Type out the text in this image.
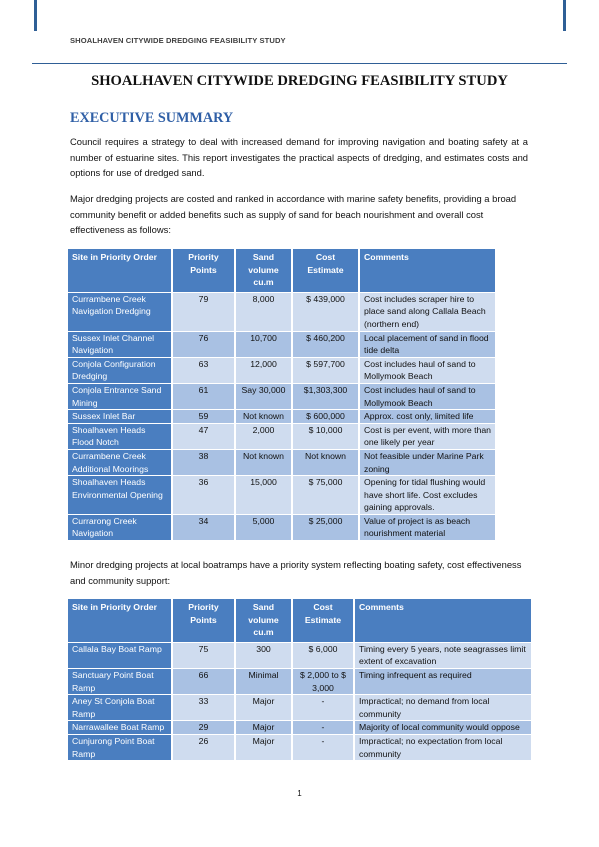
SHOALHAVEN CITYWIDE DREDGING FEASIBILITY STUDY
SHOALHAVEN CITYWIDE DREDGING FEASIBILITY STUDY
EXECUTIVE SUMMARY
Council requires a strategy to deal with increased demand for improving navigation and boating safety at a number of estuarine sites. This report investigates the practical aspects of dredging, and estimates costs and options for use of dredged sand.
Major dredging projects are costed and ranked in accordance with marine safety benefits, providing a broad community benefit or added benefits such as supply of sand for beach nourishment and overall cost effectiveness as follows:
Site in Priority Order	Priority Points	Sand volume cu.m	Cost Estimate	Comments
Currambene Creek Navigation Dredging	79	8,000	$ 439,000	Cost includes scraper hire to place sand along Callala Beach (northern end)
Sussex Inlet Channel Navigation	76	10,700	$ 460,200	Local placement of sand in flood tide delta
Conjola Configuration Dredging	63	12,000	$ 597,700	Cost includes haul of sand to Mollymook Beach
Conjola Entrance Sand Mining	61	Say 30,000	$1,303,300	Cost includes haul of sand to Mollymook Beach
Sussex Inlet Bar	59	Not known	$ 600,000	Approx. cost only, limited life
Shoalhaven Heads Flood Notch	47	2,000	$ 10,000	Cost is per event, with more than one likely per year
Currambene Creek Additional Moorings	38	Not known	Not known	Not feasible under Marine Park zoning
Shoalhaven Heads Environmental Opening	36	15,000	$ 75,000	Opening for tidal flushing would have short life. Cost excludes gaining approvals.
Currarong Creek Navigation	34	5,000	$ 25,000	Value of project is as beach nourishment material
Minor dredging projects at local boatramps have a priority system reflecting boating safety, cost effectiveness and community support:
Site in Priority Order	Priority Points	Sand volume cu.m	Cost Estimate	Comments
Callala Bay Boat Ramp	75	300	$ 6,000	Timing every 5 years, note seagrasses limit extent of excavation
Sanctuary Point Boat Ramp	66	Minimal	$ 2,000 to $ 3,000	Timing infrequent as required
Aney St Conjola Boat Ramp	33	Major	-	Impractical; no demand from local community
Narrawallee Boat Ramp	29	Major	-	Majority of local community would oppose
Cunjurong Point Boat Ramp	26	Major	-	Impractical; no expectation from local community
1
